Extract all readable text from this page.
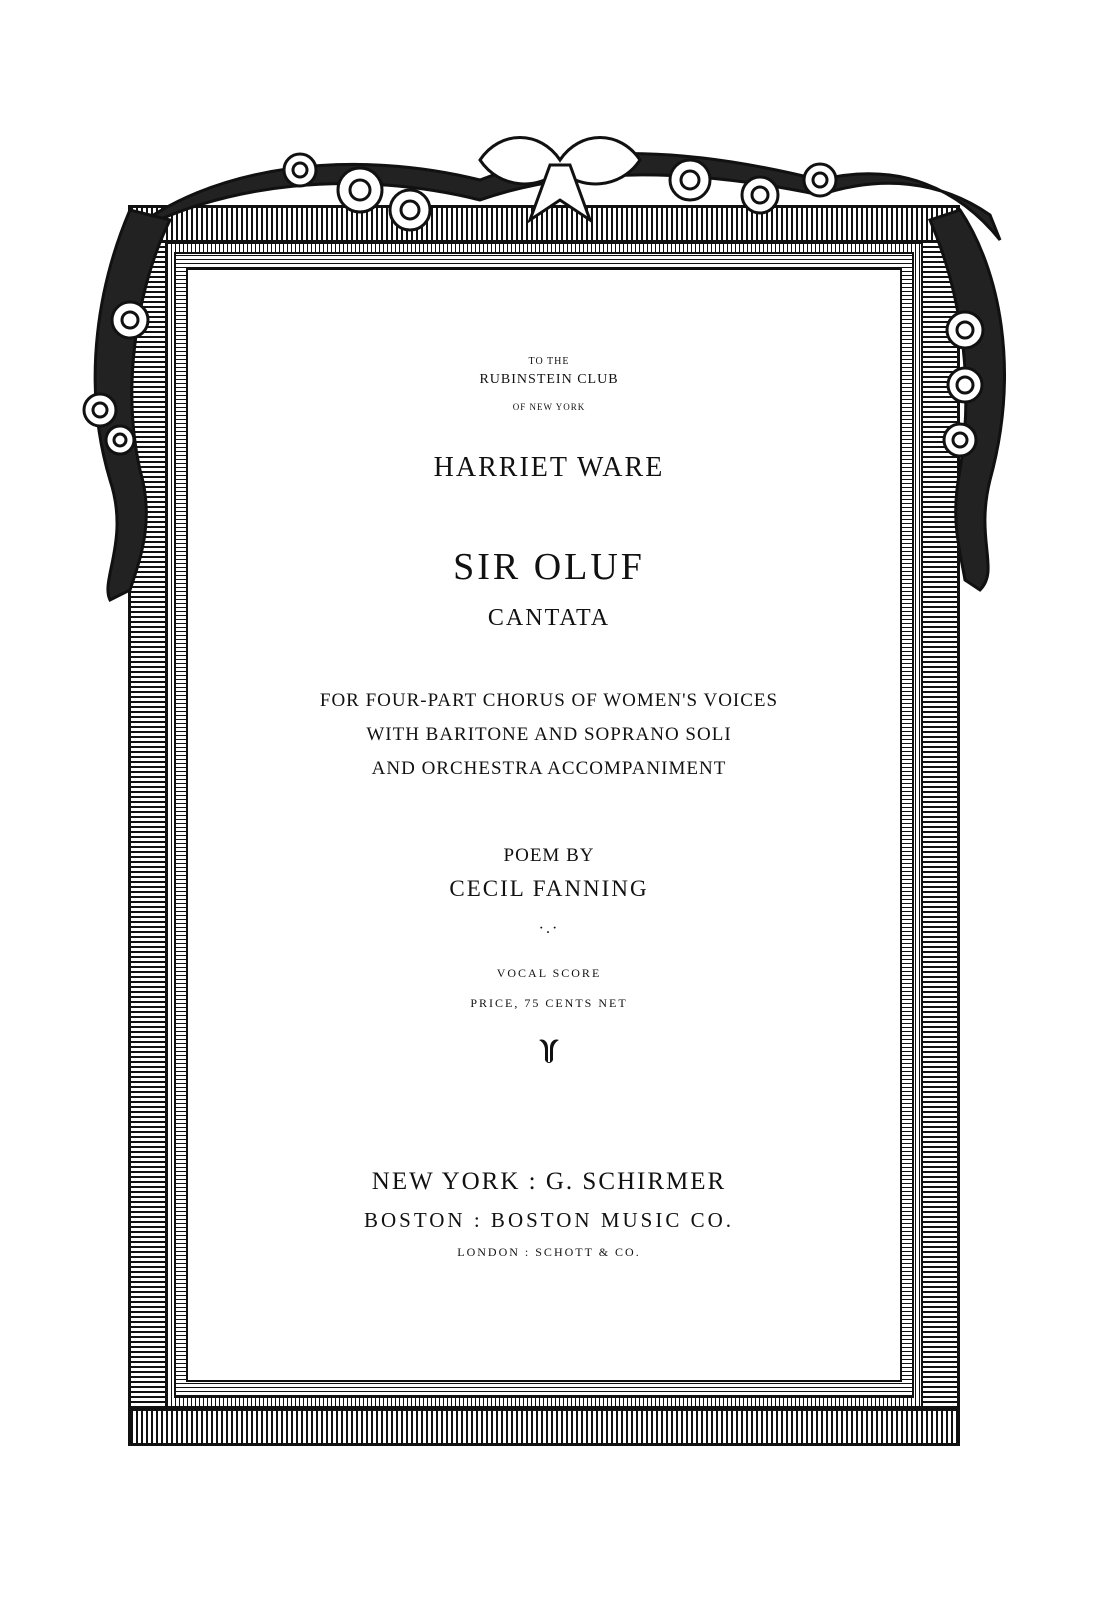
TO THE
RUBINSTEIN CLUB
OF NEW YORK
HARRIET WARE
SIR OLUF
CANTATA
FOR FOUR-PART CHORUS OF WOMEN'S VOICES
WITH BARITONE AND SOPRANO SOLI
AND ORCHESTRA ACCOMPANIMENT
POEM BY
CECIL FANNING
·.·
VOCAL SCORE
PRICE, 75 CENTS NET
NEW YORK : G. SCHIRMER
BOSTON : BOSTON MUSIC CO.
LONDON : SCHOTT & CO.
